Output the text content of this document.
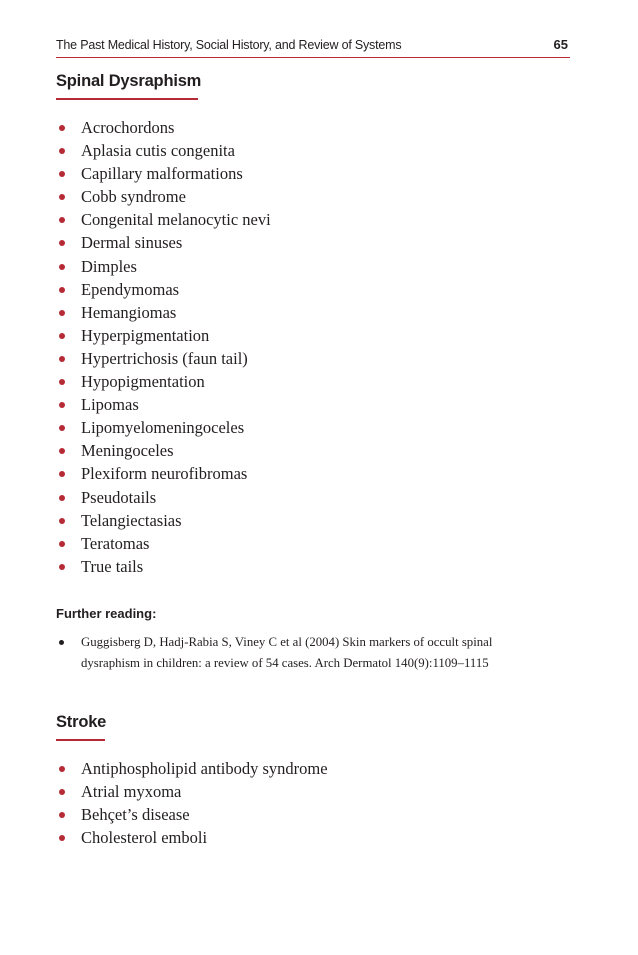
The Past Medical History, Social History, and Review of Systems	65
Spinal Dysraphism
Acrochordons
Aplasia cutis congenita
Capillary malformations
Cobb syndrome
Congenital melanocytic nevi
Dermal sinuses
Dimples
Ependymomas
Hemangiomas
Hyperpigmentation
Hypertrichosis (faun tail)
Hypopigmentation
Lipomas
Lipomyelomeningoceles
Meningoceles
Plexiform neurofibromas
Pseudotails
Telangiectasias
Teratomas
True tails
Further reading:
Guggisberg D, Hadj-Rabia S, Viney C et al (2004) Skin markers of occult spinal
dysraphism in children: a review of 54 cases. Arch Dermatol 140(9):1109–1115
Stroke
Antiphospholipid antibody syndrome
Atrial myxoma
Behçet’s disease
Cholesterol emboli
